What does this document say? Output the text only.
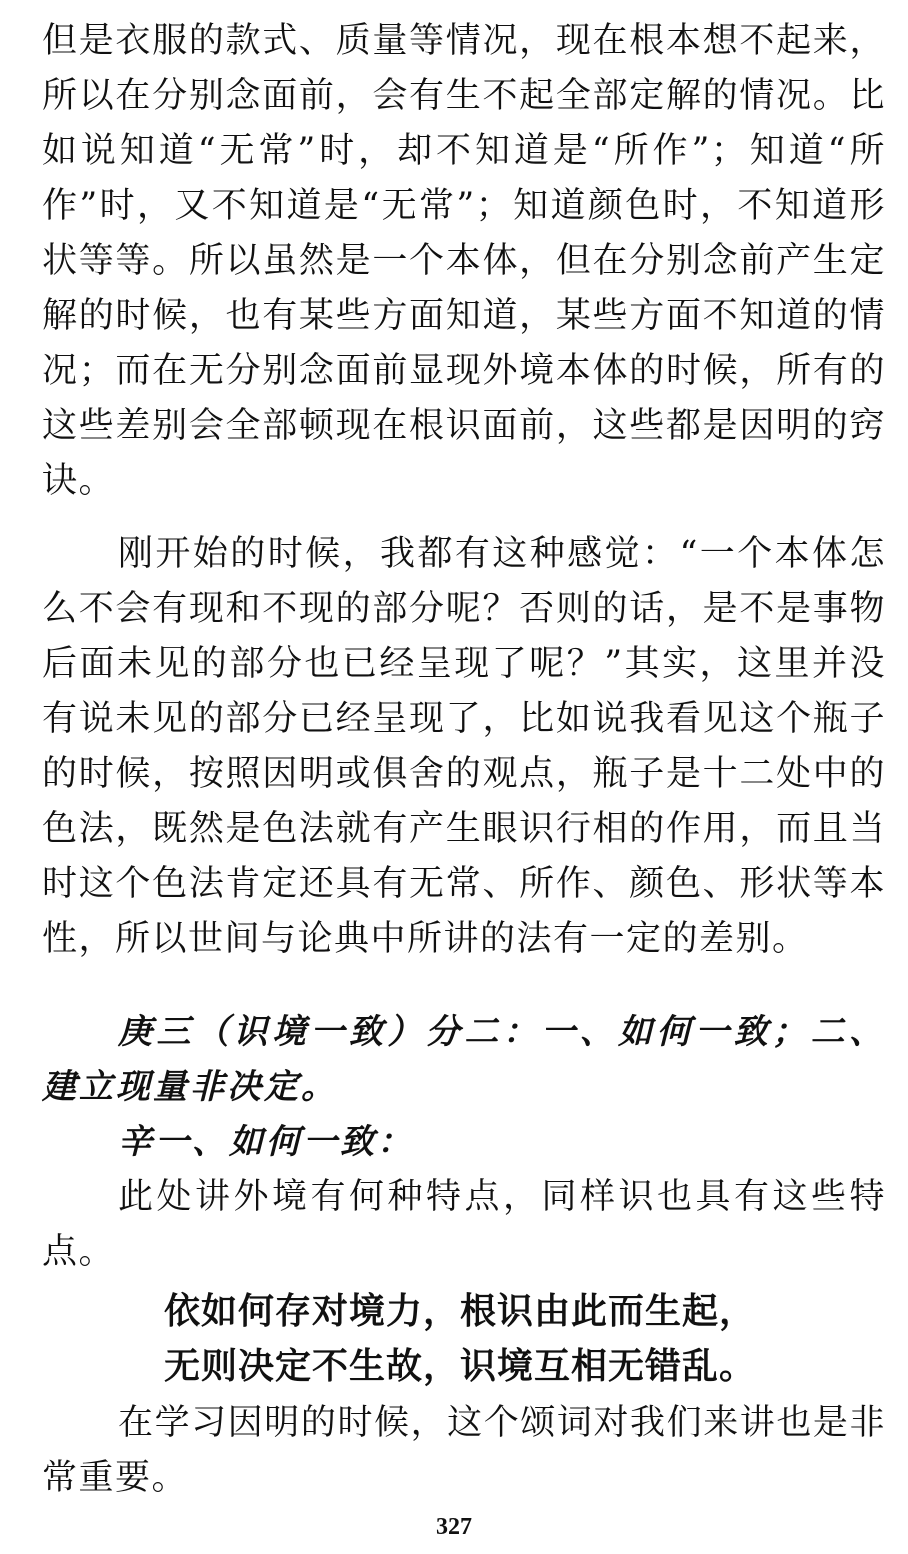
但是衣服的款式、质量等情况，现在根本想不起来，所以在分别念面前，会有生不起全部定解的情况。比如说知道“无常”时，却不知道是“所作”；知道“所作”时，又不知道是“无常”；知道颜色时，不知道形状等等。所以虽然是一个本体，但在分别念前产生定解的时候，也有某些方面知道，某些方面不知道的情况；而在无分别念面前显现外境本体的时候，所有的这些差别会全部顿现在根识面前，这些都是因明的窍诀。

刚开始的时候，我都有这种感觉：“一个本体怎么不会有现和不现的部分呢？否则的话，是不是事物后面未见的部分也已经呈现了呢？”其实，这里并没有说未见的部分已经呈现了，比如说我看见这个瓶子的时候，按照因明或俱舍的观点，瓶子是十二处中的色法，既然是色法就有产生眼识行相的作用，而且当时这个色法肯定还具有无常、所作、颜色、形状等本性，所以世间与论典中所讲的法有一定的差别。

庚三（识境一致）分二：一、如何一致；二、建立现量非决定。

辛一、如何一致：

此处讲外境有何种特点，同样识也具有这些特点。

依如何存对境力，根识由此而生起，
无则决定不生故，识境互相无错乱。

在学习因明的时候，这个颂词对我们来讲也是非常重要。

327
